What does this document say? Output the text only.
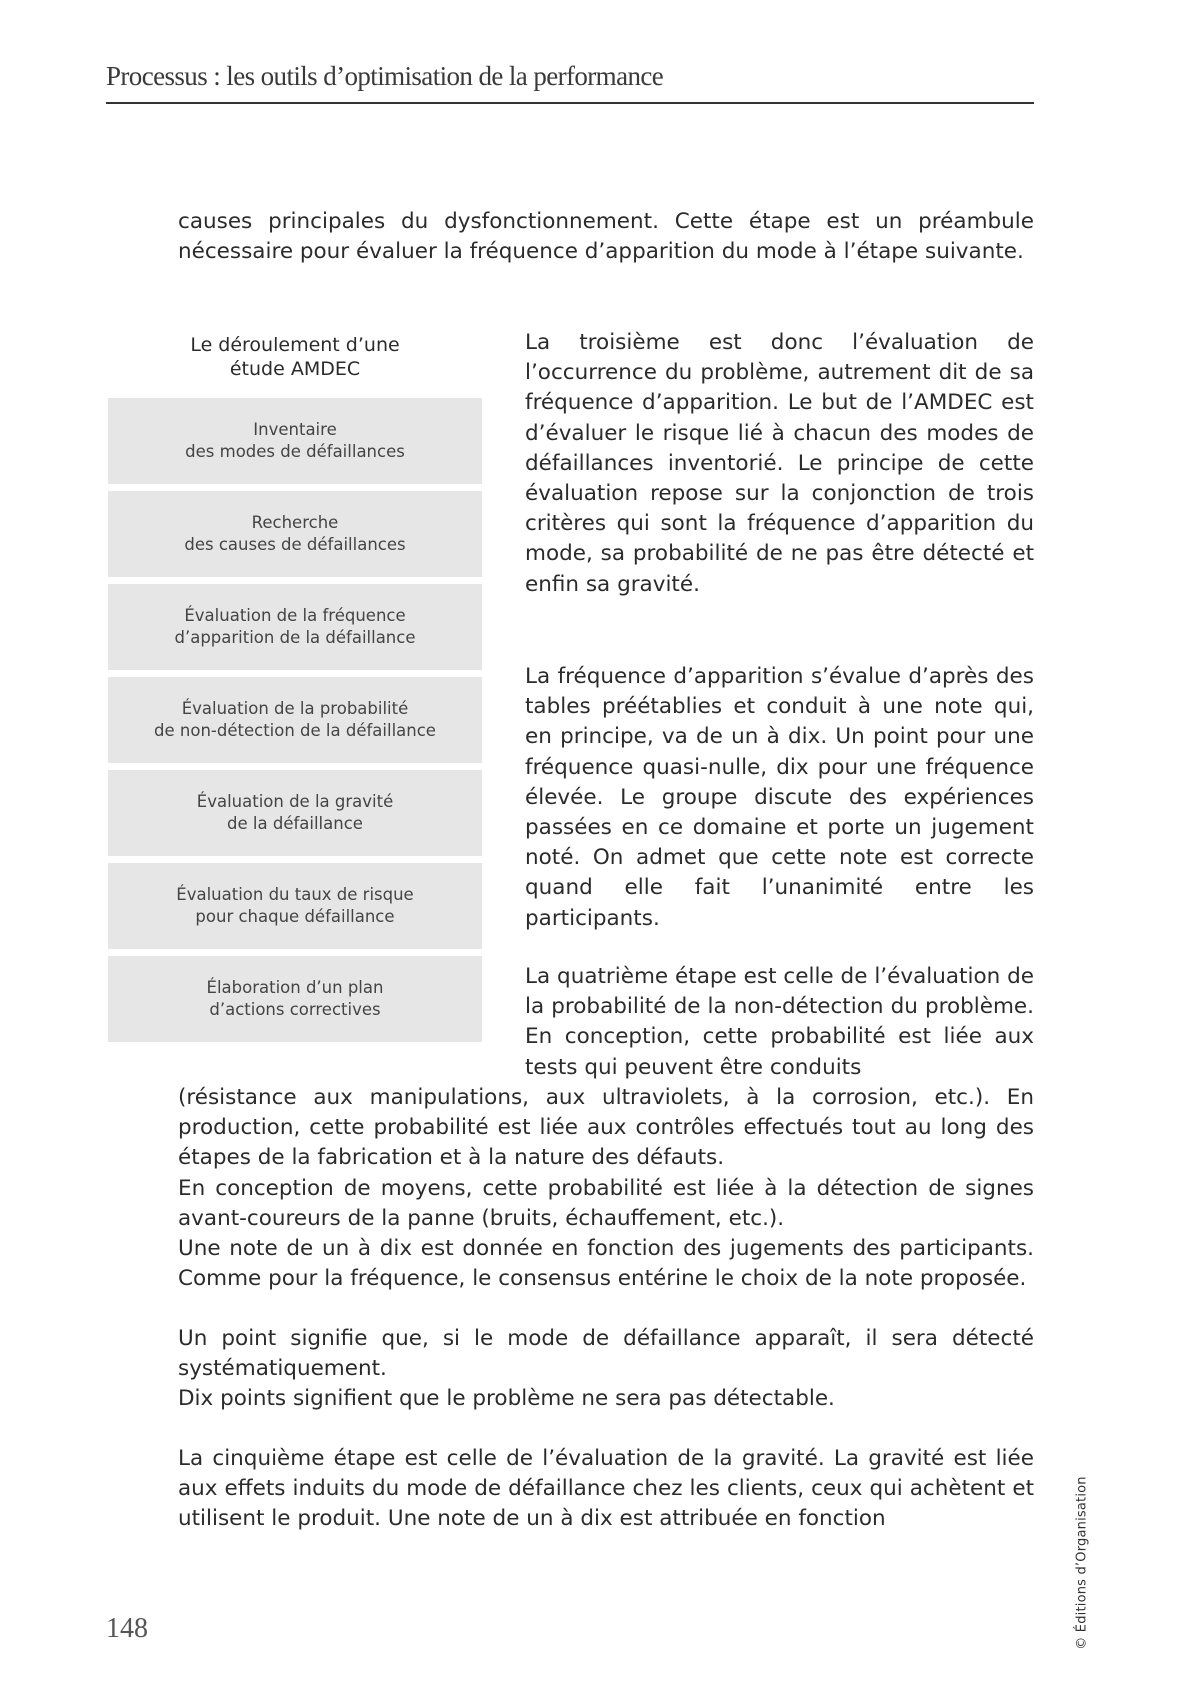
Processus : les outils d’optimisation de la performance

causes principales du dysfonctionnement. Cette étape est un préambule nécessaire pour évaluer la fréquence d’apparition du mode à l’étape suivante.

Le déroulement d’une étude AMDEC
Inventaire
des modes de défaillances
Recherche
des causes de défaillances
Évaluation de la fréquence
d’apparition de la défaillance
Évaluation de la probabilité
de non-détection de la défaillance
Évaluation de la gravité
de la défaillance
Évaluation du taux de risque
pour chaque défaillance
Élaboration d’un plan
d’actions correctives

La troisième est donc l’évaluation de l’occurrence du problème, autrement dit de sa fréquence d’apparition. Le but de l’AMDEC est d’évaluer le risque lié à chacun des modes de défaillances inventorié. Le principe de cette évaluation repose sur la conjonction de trois critères qui sont la fréquence d’apparition du mode, sa probabilité de ne pas être détecté et enfin sa gravité.

La fréquence d’apparition s’évalue d’après des tables préétablies et conduit à une note qui, en principe, va de un à dix. Un point pour une fréquence quasi-nulle, dix pour une fréquence élevée. Le groupe discute des expériences passées en ce domaine et porte un jugement noté. On admet que cette note est correcte quand elle fait l’unanimité entre les participants.

La quatrième étape est celle de l’évaluation de la probabilité de la non-détection du problème. En conception, cette probabilité est liée aux tests qui peuvent être conduits

(résistance aux manipulations, aux ultraviolets, à la corrosion, etc.). En production, cette probabilité est liée aux contrôles effectués tout au long des étapes de la fabrication et à la nature des défauts.

En conception de moyens, cette probabilité est liée à la détection de signes avant-coureurs de la panne (bruits, échauffement, etc.).

Une note de un à dix est donnée en fonction des jugements des participants. Comme pour la fréquence, le consensus entérine le choix de la note proposée.

Un point signifie que, si le mode de défaillance apparaît, il sera détecté systématiquement.

Dix points signifient que le problème ne sera pas détectable.

La cinquième étape est celle de l’évaluation de la gravité. La gravité est liée aux effets induits du mode de défaillance chez les clients, ceux qui achètent et utilisent le produit. Une note de un à dix est attribuée en fonction	© Éditions d’Organisation
148
